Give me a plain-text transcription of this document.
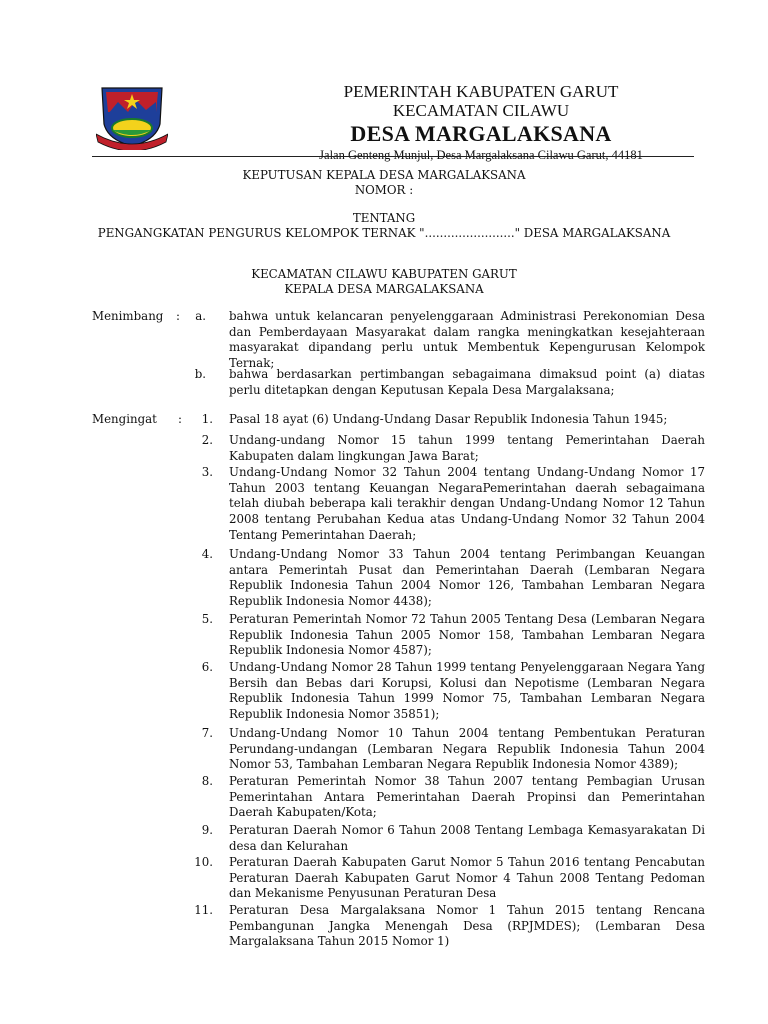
PEMERINTAH KABUPATEN GARUT
KECAMATAN CILAWU
DESA MARGALAKSANA
Jalan Genteng Munjul, Desa Margalaksana Cilawu Garut, 44181
KEPUTUSAN KEPALA DESA MARGALAKSANA
NOMOR :
TENTANG
PENGANGKATAN PENGURUS KELOMPOK TERNAK "........................" DESA MARGALAKSANA
KECAMATAN CILAWU KABUPATEN GARUT
KEPALA DESA MARGALAKSANA
Menimbang :	a. bahwa untuk kelancaran penyelenggaraan Administrasi Perekonomian Desa dan Pemberdayaan Masyarakat dalam rangka meningkatkan kesejahteraan masyarakat dipandang perlu untuk Membentuk Kepengurusan Kelompok Ternak;
b. bahwa berdasarkan pertimbangan sebagaimana dimaksud point (a) diatas perlu ditetapkan dengan Keputusan Kepala Desa Margalaksana;
Mengingat :	1. Pasal 18 ayat (6) Undang-Undang Dasar Republik Indonesia Tahun 1945;
2. Undang-undang Nomor 15 tahun 1999 tentang Pemerintahan Daerah Kabupaten dalam lingkungan Jawa Barat;
3. Undang-Undang Nomor 32 Tahun 2004 tentang Undang-Undang Nomor 17 Tahun 2003 tentang Keuangan NegaraPemerintahan daerah sebagaimana telah diubah beberapa kali terakhir dengan Undang-Undang Nomor 12 Tahun 2008 tentang Perubahan Kedua atas Undang-Undang Nomor 32 Tahun 2004 Tentang Pemerintahan Daerah;
4. Undang-Undang Nomor 33 Tahun 2004 tentang Perimbangan Keuangan antara Pemerintah Pusat dan Pemerintahan Daerah (Lembaran Negara Republik Indonesia Tahun 2004 Nomor 126, Tambahan Lembaran Negara Republik Indonesia Nomor 4438);
5. Peraturan Pemerintah Nomor 72 Tahun 2005 Tentang Desa (Lembaran Negara Republik Indonesia Tahun 2005 Nomor 158, Tambahan Lembaran Negara Republik Indonesia Nomor 4587);
6. Undang-Undang Nomor 28 Tahun 1999 tentang Penyelenggaraan Negara Yang Bersih dan Bebas dari Korupsi, Kolusi dan Nepotisme (Lembaran Negara Republik Indonesia Tahun 1999 Nomor 75, Tambahan Lembaran Negara Republik Indonesia Nomor 35851);
7. Undang-Undang Nomor 10 Tahun 2004 tentang Pembentukan Peraturan Perundang-undangan (Lembaran Negara Republik Indonesia Tahun 2004 Nomor 53, Tambahan Lembaran Negara Republik Indonesia Nomor 4389);
8. Peraturan Pemerintah Nomor 38 Tahun 2007 tentang Pembagian Urusan Pemerintahan Antara Pemerintahan Daerah Propinsi dan Pemerintahan Daerah Kabupaten/Kota;
9. Peraturan Daerah Nomor 6 Tahun 2008 Tentang Lembaga Kemasyarakatan Di desa dan Kelurahan
10. Peraturan Daerah Kabupaten Garut Nomor 5 Tahun 2016 tentang Pencabutan Peraturan Daerah Kabupaten Garut Nomor 4 Tahun 2008 Tentang Pedoman dan Mekanisme Penyusunan Peraturan Desa
11. Peraturan Desa Margalaksana Nomor 1 Tahun 2015 tentang Rencana Pembangunan Jangka Menengah Desa (RPJMDES); (Lembaran Desa Margalaksana Tahun 2015 Nomor 1)
